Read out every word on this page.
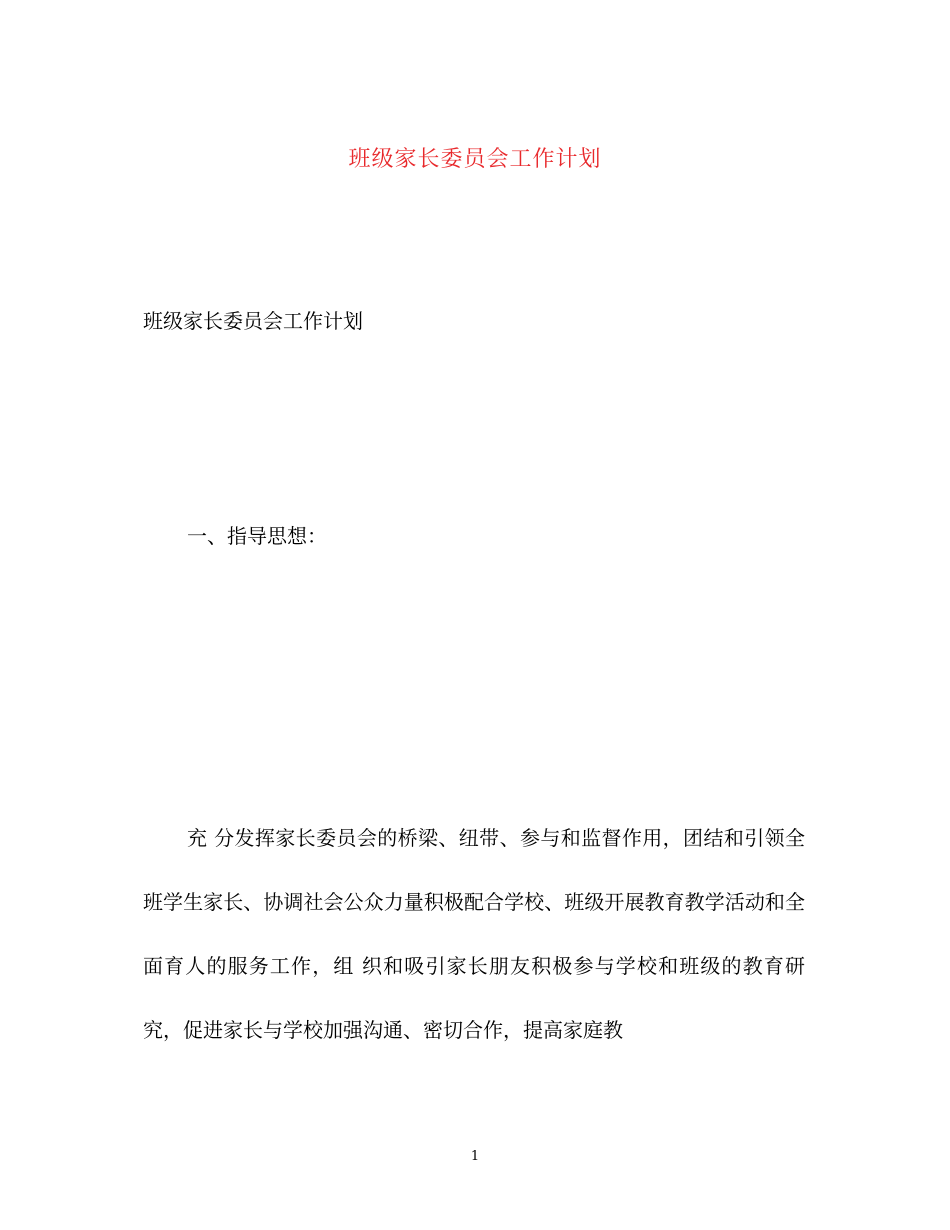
班级家长委员会工作计划
班级家长委员会工作计划
一、指导思想：

充 分发挥家长委员会的桥梁、纽带、参与和监督作用，团结和引领全班学生家长、协调社会公众力量积极配合学校、班级开展教育教学活动和全面育人的服务工作，组 织和吸引家长朋友积极参与学校和班级的教育研究，促进家长与学校加强沟通、密切合作，提高家庭教

1
